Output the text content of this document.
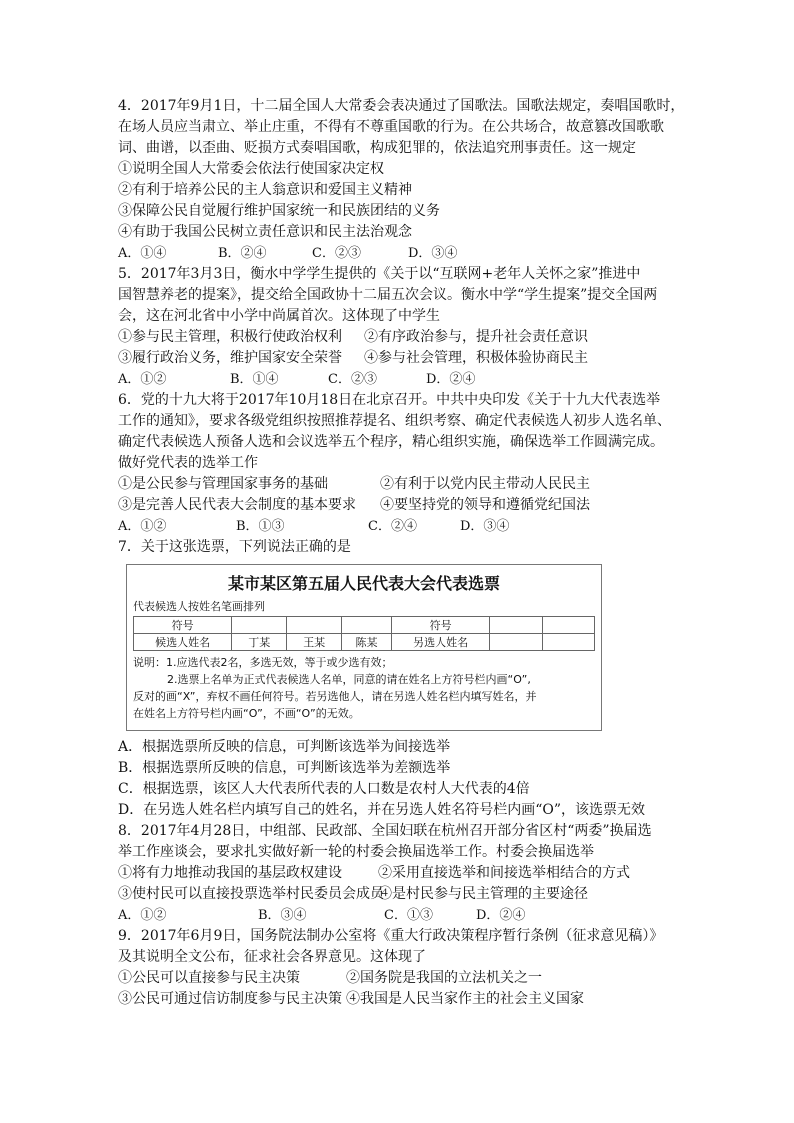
4．2017年9月1日，十二届全国人大常委会表决通过了国歌法。国歌法规定，奏唱国歌时，

在场人员应当肃立、举止庄重，不得有不尊重国歌的行为。在公共场合，故意篡改国歌歌

词、曲谱，以歪曲、贬损方式奏唱国歌，构成犯罪的，依法追究刑事责任。这一规定

①说明全国人大常委会依法行使国家决定权

②有利于培养公民的主人翁意识和爱国主义精神

③保障公民自觉履行维护国家统一和民族团结的义务

④有助于我国公民树立责任意识和民主法治观念

A．①④	B．②④	C．②③	D．③④

5．2017年3月3日，衡水中学学生提供的《关于以“互联网+老年人关怀之家”推进中

国智慧养老的提案》，提交给全国政协十二届五次会议。衡水中学“学生提案”提交全国两

会，这在河北省中小学中尚属首次。这体现了中学生

①参与民主管理，积极行使政治权利	②有序政治参与，提升社会责任意识
③履行政治义务，维护国家安全荣誉	④参与社会管理，积极体验协商民主
A．①②	B．①④	C．②③	D．②④

6．党的十九大将于2017年10月18日在北京召开。中共中央印发《关于十九大代表选举

工作的通知》，要求各级党组织按照推荐提名、组织考察、确定代表候选人初步人选名单、

确定代表候选人预备人选和会议选举五个程序，精心组织实施，确保选举工作圆满完成。

做好党代表的选举工作

①是公民参与管理国家事务的基础	②有利于以党内民主带动人民民主
③是完善人民代表大会制度的基本要求	④要坚持党的领导和遵循党纪国法
A．①②	B．①③	C．②④	D．③④

7．关于这张选票，下列说法正确的是

某市某区第五届人民代表大会代表选票
代表候选人按姓名笔画排列
符号				符号		
候选人姓名	丁某	王某	陈某	另选人姓名		

说明：1.应选代表2名，多选无效，等于或少选有效；

2.选票上名单为正式代表候选人名单，同意的请在姓名上方符号栏内画“O”,

反对的画“X”，弃权不画任何符号。若另选他人，请在另选人姓名栏内填写姓名，并

在姓名上方符号栏内画“O”，不画“O”的无效。

A．根据选票所反映的信息，可判断该选举为间接选举

B．根据选票所反映的信息，可判断该选举为差额选举

C．根据选票，该区人大代表所代表的人口数是农村人大代表的4倍

D．在另选人姓名栏内填写自己的姓名，并在另选人姓名符号栏内画“O”，该选票无效

8．2017年4月28日，中组部、民政部、全国妇联在杭州召开部分省区村“两委”换届选

举工作座谈会，要求扎实做好新一轮的村委会换届选举工作。村委会换届选举

①将有力地推动我国的基层政权建设	②采用直接选举和间接选举相结合的方式
③使村民可以直接投票选举村民委员会成员
④是村民参与民主管理的主要途径
A．①②	B．③④	C．①③	D．②④

9．2017年6月9日，国务院法制办公室将《重大行政决策程序暂行条例（征求意见稿）》

及其说明全文公布，征求社会各界意见。这体现了

①公民可以直接参与民主决策	②国务院是我国的立法机关之一
③公民可通过信访制度参与民主决策 ④我国是人民当家作主的社会主义国家
